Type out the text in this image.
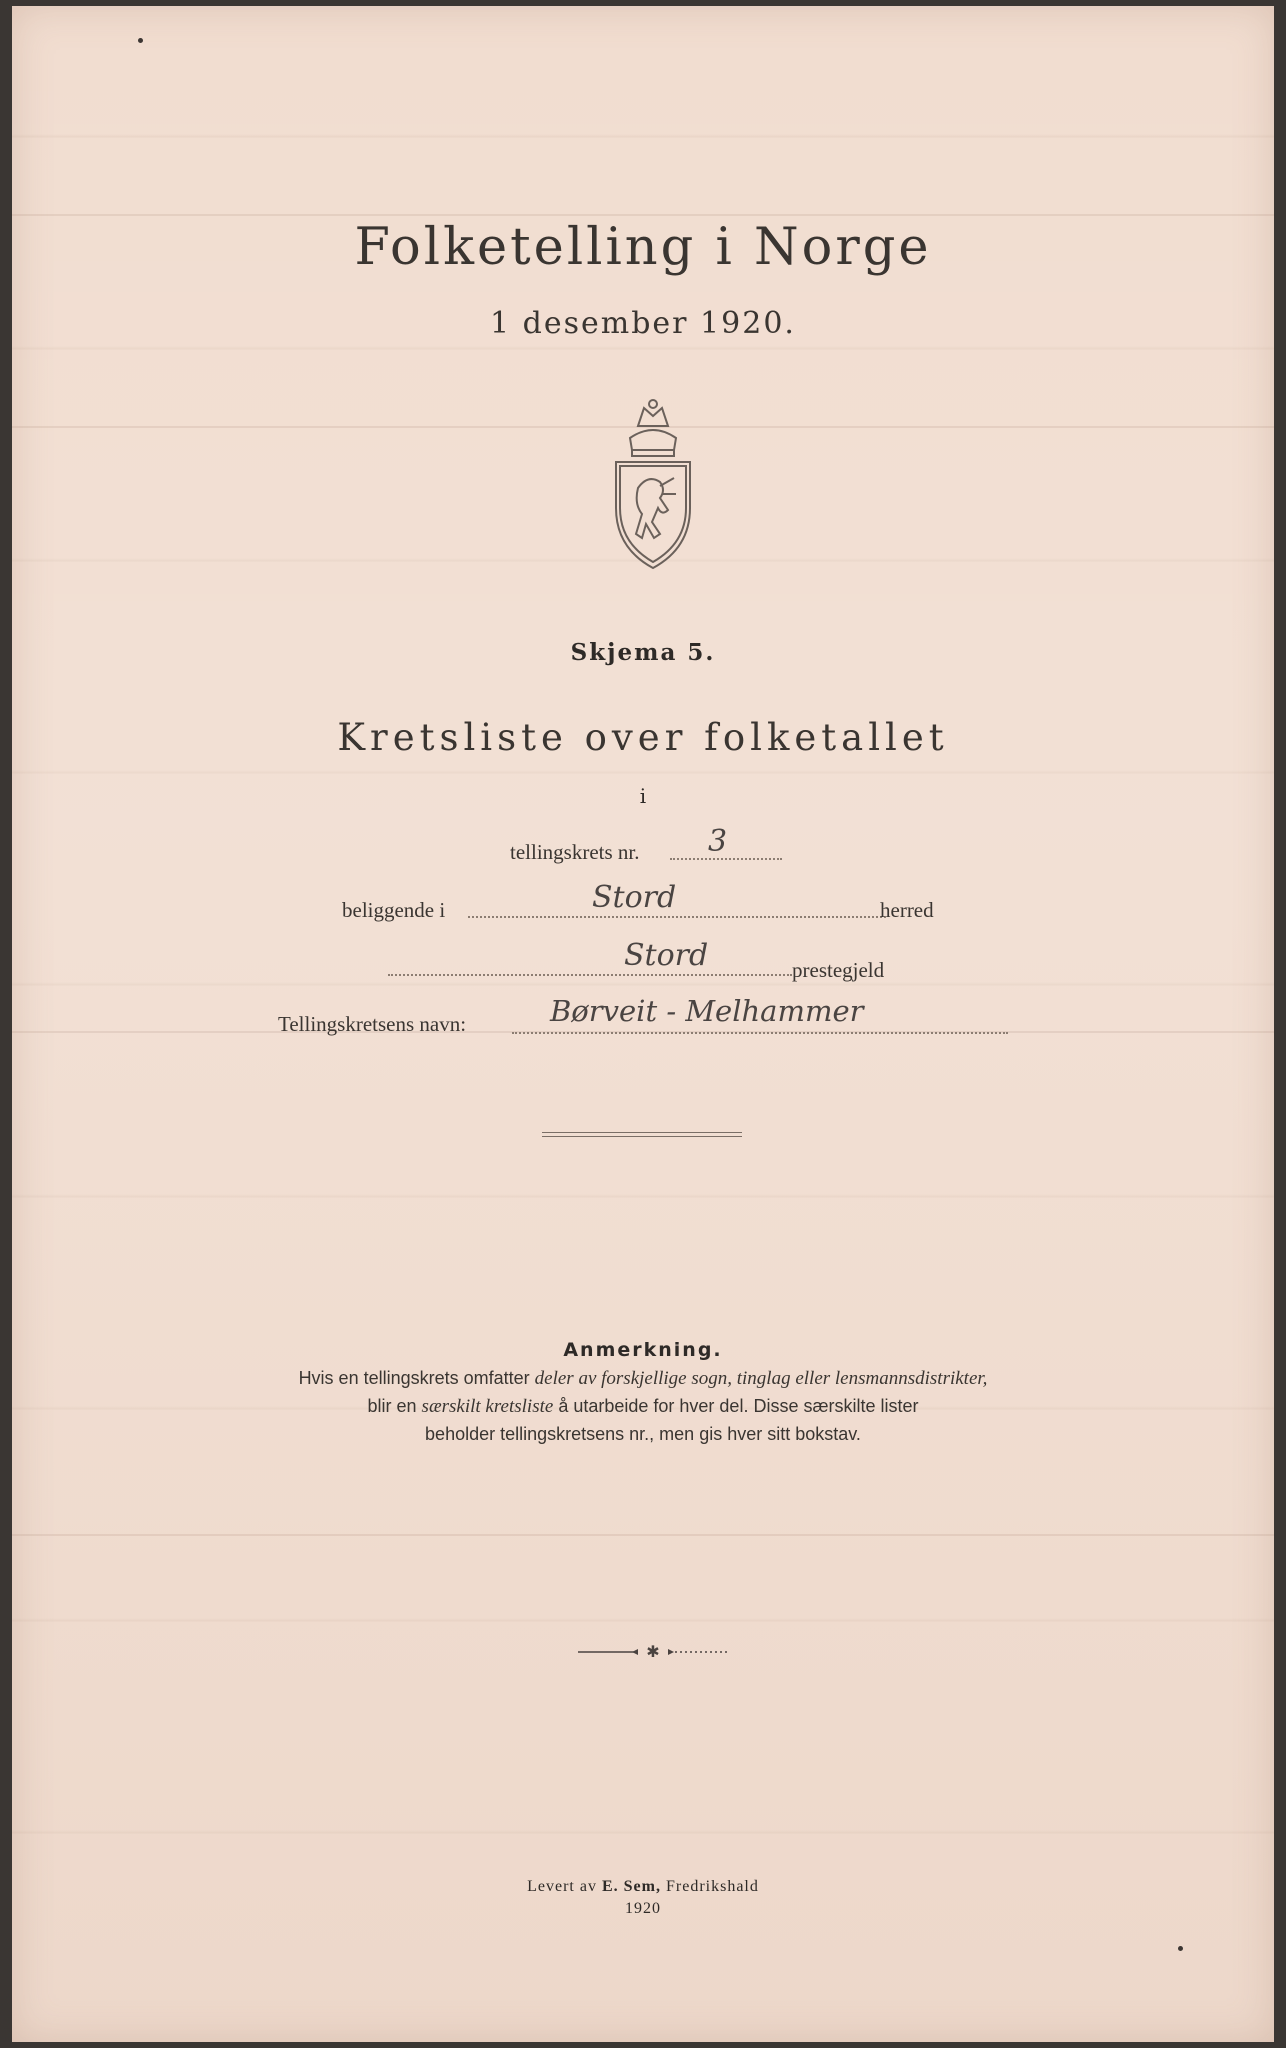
Folketelling i Norge
1 desember 1920.
Skjema 5.
Kretsliste over folketallet
i
tellingskrets nr. 3
beliggende i	Stord	herred
Stord	prestegjeld
Tellingskretsens navn:	Børveit - Melhammer
Anmerkning.
Hvis en tellingskrets omfatter deler av forskjellige sogn, tinglag eller lensmannsdistrikter,
blir en særskilt kretsliste å utarbeide for hver del. Disse særskilte lister
beholder tellingskretsens nr., men gis hver sitt bokstav.
✱
Levert av E. Sem, Fredrikshald
1920
